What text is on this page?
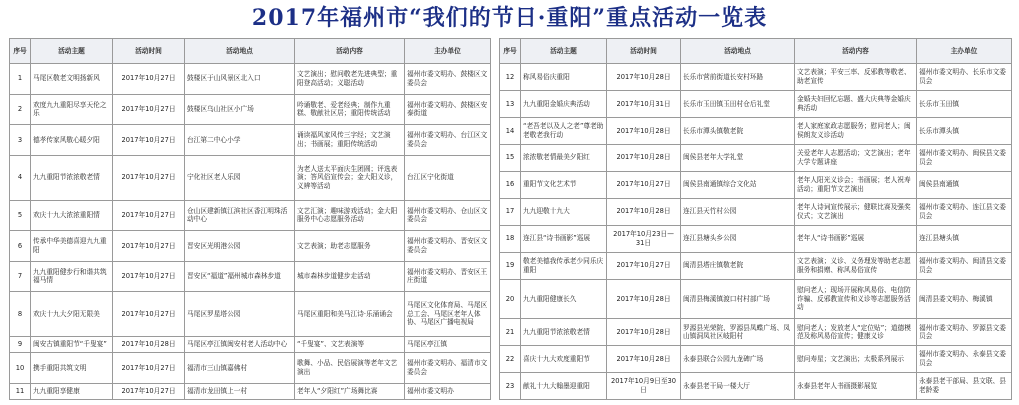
2017年福州市“我们的节日·重阳”重点活动一览表
序号	活动主题	活动时间	活动地点	活动内容	主办单位
1	马尾区敬老文明扬新风	2017年10月27日	鼓楼区于山风景区北入口	文艺演出；慰问敬老先进典型；重阳登高活动；义聪活动	福州市委文明办、鼓楼区文委员会
2	欢度九九重阳尽享天伦之乐	2017年10月27日	鼓楼区乌山社区小广场	吟诵敬老、爱老经典；制作九重糕、敬献社区居；重阳传统活动	福州市委文明办、鼓楼区安泰街道
3	德孝传家风敬心暖夕阳	2017年10月27日	台江第二中心小学	诵读福风家风传三字经；文艺演出；书画展；重阳传统活动	福州市委文明办、台江区文委员会
4	九九重阳节浓浓敬老情	2017年10月27日	宁化社区老人乐园	为老人送太平面庆生团圆；评选表演；答风俗宣传会；金大阳义诊，义辨等活动	台江区宁化街道
5	欢庆十九大浓浓重阳情	2017年10月27日	仓山区建新镇江滨社区香江明珠活动中心	文艺汇演；趣味游戏活动；金大阳服务中心志愿服务活动	福州市委文明办、仓山区文委员会
6	传承中华美德喜迎九九重阳	2017年10月27日	晋安区光明港公园	文艺表演；助老志愿服务	福州市委文明办、晋安区文委员会
7	九九重阳健步行和谐共筑福马情	2017年10月27日	晋安区“福道”福州城市森林步道	城市森林步道健步走活动	福州市委文明办、晋安区王庄街道
8	欢庆十九大夕阳无限美	2017年10月27日	马尾区罗星塔公园	马尾区重阳和美马江诗·乐涌诵会	马尾区文化体育局、马尾区总工会、马尾区老年人体协、马尾区广播电视局
9	闽安古镇重阳节“千叟宴”	2017年10月28日	马尾区亭江镇闽安村老人活动中心	“千叟宴”、文艺表演等	马尾区亭江镇
10	携手重阳共筑文明	2017年10月27日	福清市三山镇嘉佛村	歌舞、小品、民俗展演等老年文艺演出	福州市委文明办、福清市文委员会
11	九九重阳享健康	2017年10月27日	福清市龙田镇上一村	老年人“夕阳红”广场舞比赛	福州市委文明办
序号	活动主题	活动时间	活动地点	活动内容	主办单位
12	称风易俗庆重阳	2017年10月28日	长乐市营前街道长安村环路	文艺表演；平安三率、反邪教等敬老、助老宣传	福州市委文明办、长乐市文委员会
13	九九重阳金婚庆典活动	2017年10月31日	长乐市玉田镇玉田村仓后礼堂	金婚夫妇回忆忘题、盛大庆典等金婚庆典活动	长乐市玉田镇
14	“老吾老以及人之老”尊老助老敬老我行动	2017年10月28日	长乐市潭头镇敬老院	老人家庭家政志愿服务；慰问老人；闽侯朗友义诊活动	长乐市潭头镇
15	浓浓敬老情最美夕阳红	2017年10月28日	闽侯县老年大学礼堂	关爱老年人志愿活动；文艺演出；老年大学专题讲座	福州市委文明办、闽侯县文委员会
16	重阳节文化艺术节	2017年10月27日	闽侯县南通镇综合文化站	老年人阳光义诊会；书画展；老人祝寿活动；重阳节文艺演出	闽侯县南通镇
17	九九迎敬十九大	2017年10月28日	连江县天竹村公园	老年人诗词宣传展示；健联比赛及强奖仪式；文艺演出	福州市委文明办、连江县文委员会
18	连江县“诗书画影”巡展	2017年10月23日—31日	连江县塘头乡公园	老年人“诗书画影”巡展	连江县塘头镇
19	敬老美德我传承老少同乐庆重阳	2017年10月27日	闽清县塔庄镇敬老院	文艺表演；义诊、义务理发等助老志愿服务和捐赠、称风易俗宣传	福州市委文明办、闽清县文委员会
20	九九重阳健康长久	2017年10月28日	闽清县梅溪镇渡口村村部广场	慰问老人；现场开展称风易俗、电信防诈骗、反邪教宣传和义诊等志愿服务活动	闽清县委文明办、梅溪镇
21	九九重阳节浓浓敬老情	2017年10月28日	罗源县光荣院、罗源县凤蝶广场、凤山镇洞凤社区岐阳村	慰问老人；发放老人“定位贴”；道德模范及称风易俗宣传；健康义诊	福州市委文明办、罗源县文委员会
22	喜庆十九大欢度重阳节	2017年10月28日	永泰县联合公园九龙碑广场	慰问寿星；文艺演出；太极系列展示	福州市委文明办、永泰县文委员会
23	献礼十九大翰墨迎重阳	2017年10月9日至30日	永泰县老干局一楼大厅	永泰县老年人书画摄影展览	永泰县老干部局、县文联、县老龄委
